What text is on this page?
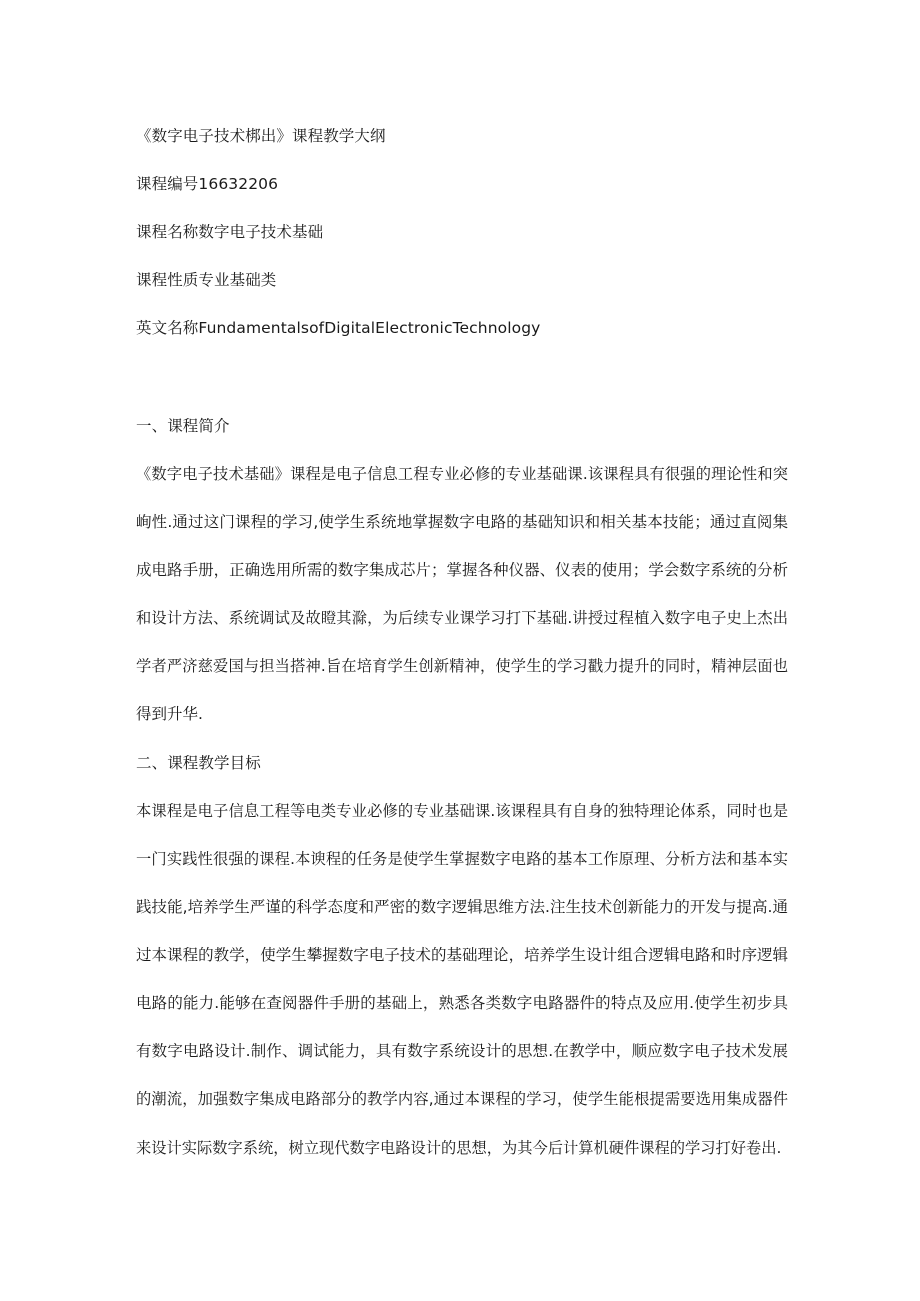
《数字电子技术梆出》课程教学大纲
课程编号16632206
课程名称数字电子技术基础
课程性质专业基础类
英文名称FundamentalsofDigitalElectronicTechnology
一、课程简介
《数字电子技术基础》课程是电子信息工程专业必修的专业基础课.该课程具有很强的理论性和突
峋性.通过这门课程的学习,使学生系统地掌握数字电路的基础知识和相关基本技能；通过直阅集
成电路手册，正确选用所需的数字集成芯片；掌握各种仪器、仪表的使用；学会数字系统的分析
和设计方法、系统调试及故瞪其滁，为后续专业课学习打下基础.讲授过程植入数字电子史上杰出
学者严济慈爱国与担当搭神.旨在培育学生创新精神，使学生的学习戳力提升的同时，精神层面也
得到升华.
二、课程教学目标
本课程是电子信息工程等电类专业必修的专业基础课.该课程具有自身的独特理论体系，同时也是
一门实践性很强的课程.本谀程的任务是使学生掌握数字电路的基本工作原理、分析方法和基本实
践技能,培养学生严谨的科学态度和严密的数字逻辑思维方法.注生技术创新能力的开发与提高.通
过本课程的教学，使学生攀握数字电子技术的基础理论，培养学生设计组合逻辑电路和时序逻辑
电路的能力.能够在查阅器件手册的基础上，熟悉各类数字电路器件的特点及应用.使学生初步具
有数字电路设计.制作、调试能力，具有数字系统设计的思想.在教学中，顺应数字电子技术发展
的潮流，加强数字集成电路部分的教学内容,通过本课程的学习，使学生能根提需要选用集成器件
来设计实际数字系统，树立现代数字电路设计的思想，为其今后计算机硬件课程的学习打好卷出.
